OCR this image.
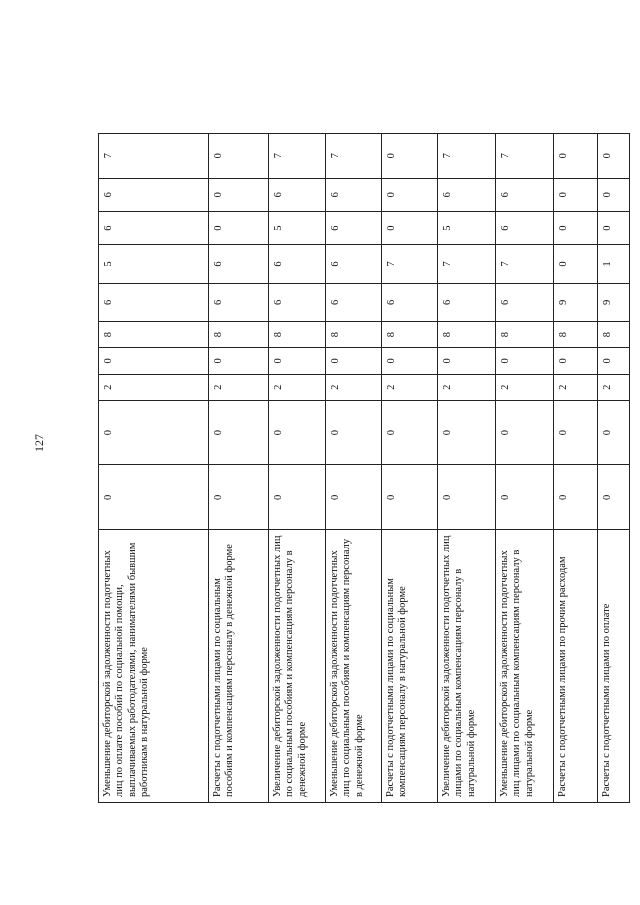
127
Уменьшение дебиторской задолженности подотчетных лиц по оплате пособий по социальной помощи, выплачиваемых работодателями, нанимателями бывшим работникам в натуральной форме	0	0	2	0	8	6	5	6	6	7
Расчеты с подотчетными лицами по социальным пособиям и компенсациям персоналу в денежной форме	0	0	2	0	8	6	6	0	0	0
Увеличение дебиторской задолженности подотчетных лиц по социальным пособиям и компенсациям персоналу в денежной форме	0	0	2	0	8	6	6	5	6	7
Уменьшение дебиторской задолженности подотчетных лиц по социальным пособиям и компенсациям персоналу в денежной форме	0	0	2	0	8	6	6	6	6	7
Расчеты с подотчетными лицами по социальным компенсациям персоналу в натуральной форме	0	0	2	0	8	6	7	0	0	0
Увеличение дебиторской задолженности подотчетных лиц лицами по социальным компенсациям персоналу в натуральной форме	0	0	2	0	8	6	7	5	6	7
Уменьшение дебиторской задолженности подотчетных лиц лицами по социальным компенсациям персоналу в натуральной форме	0	0	2	0	8	6	7	6	6	7
Расчеты с подотчетными лицами по прочим расходам	0	0	2	0	8	9	0	0	0	0
Расчеты с подотчетными лицами по оплате	0	0	2	0	8	9	1	0	0	0
